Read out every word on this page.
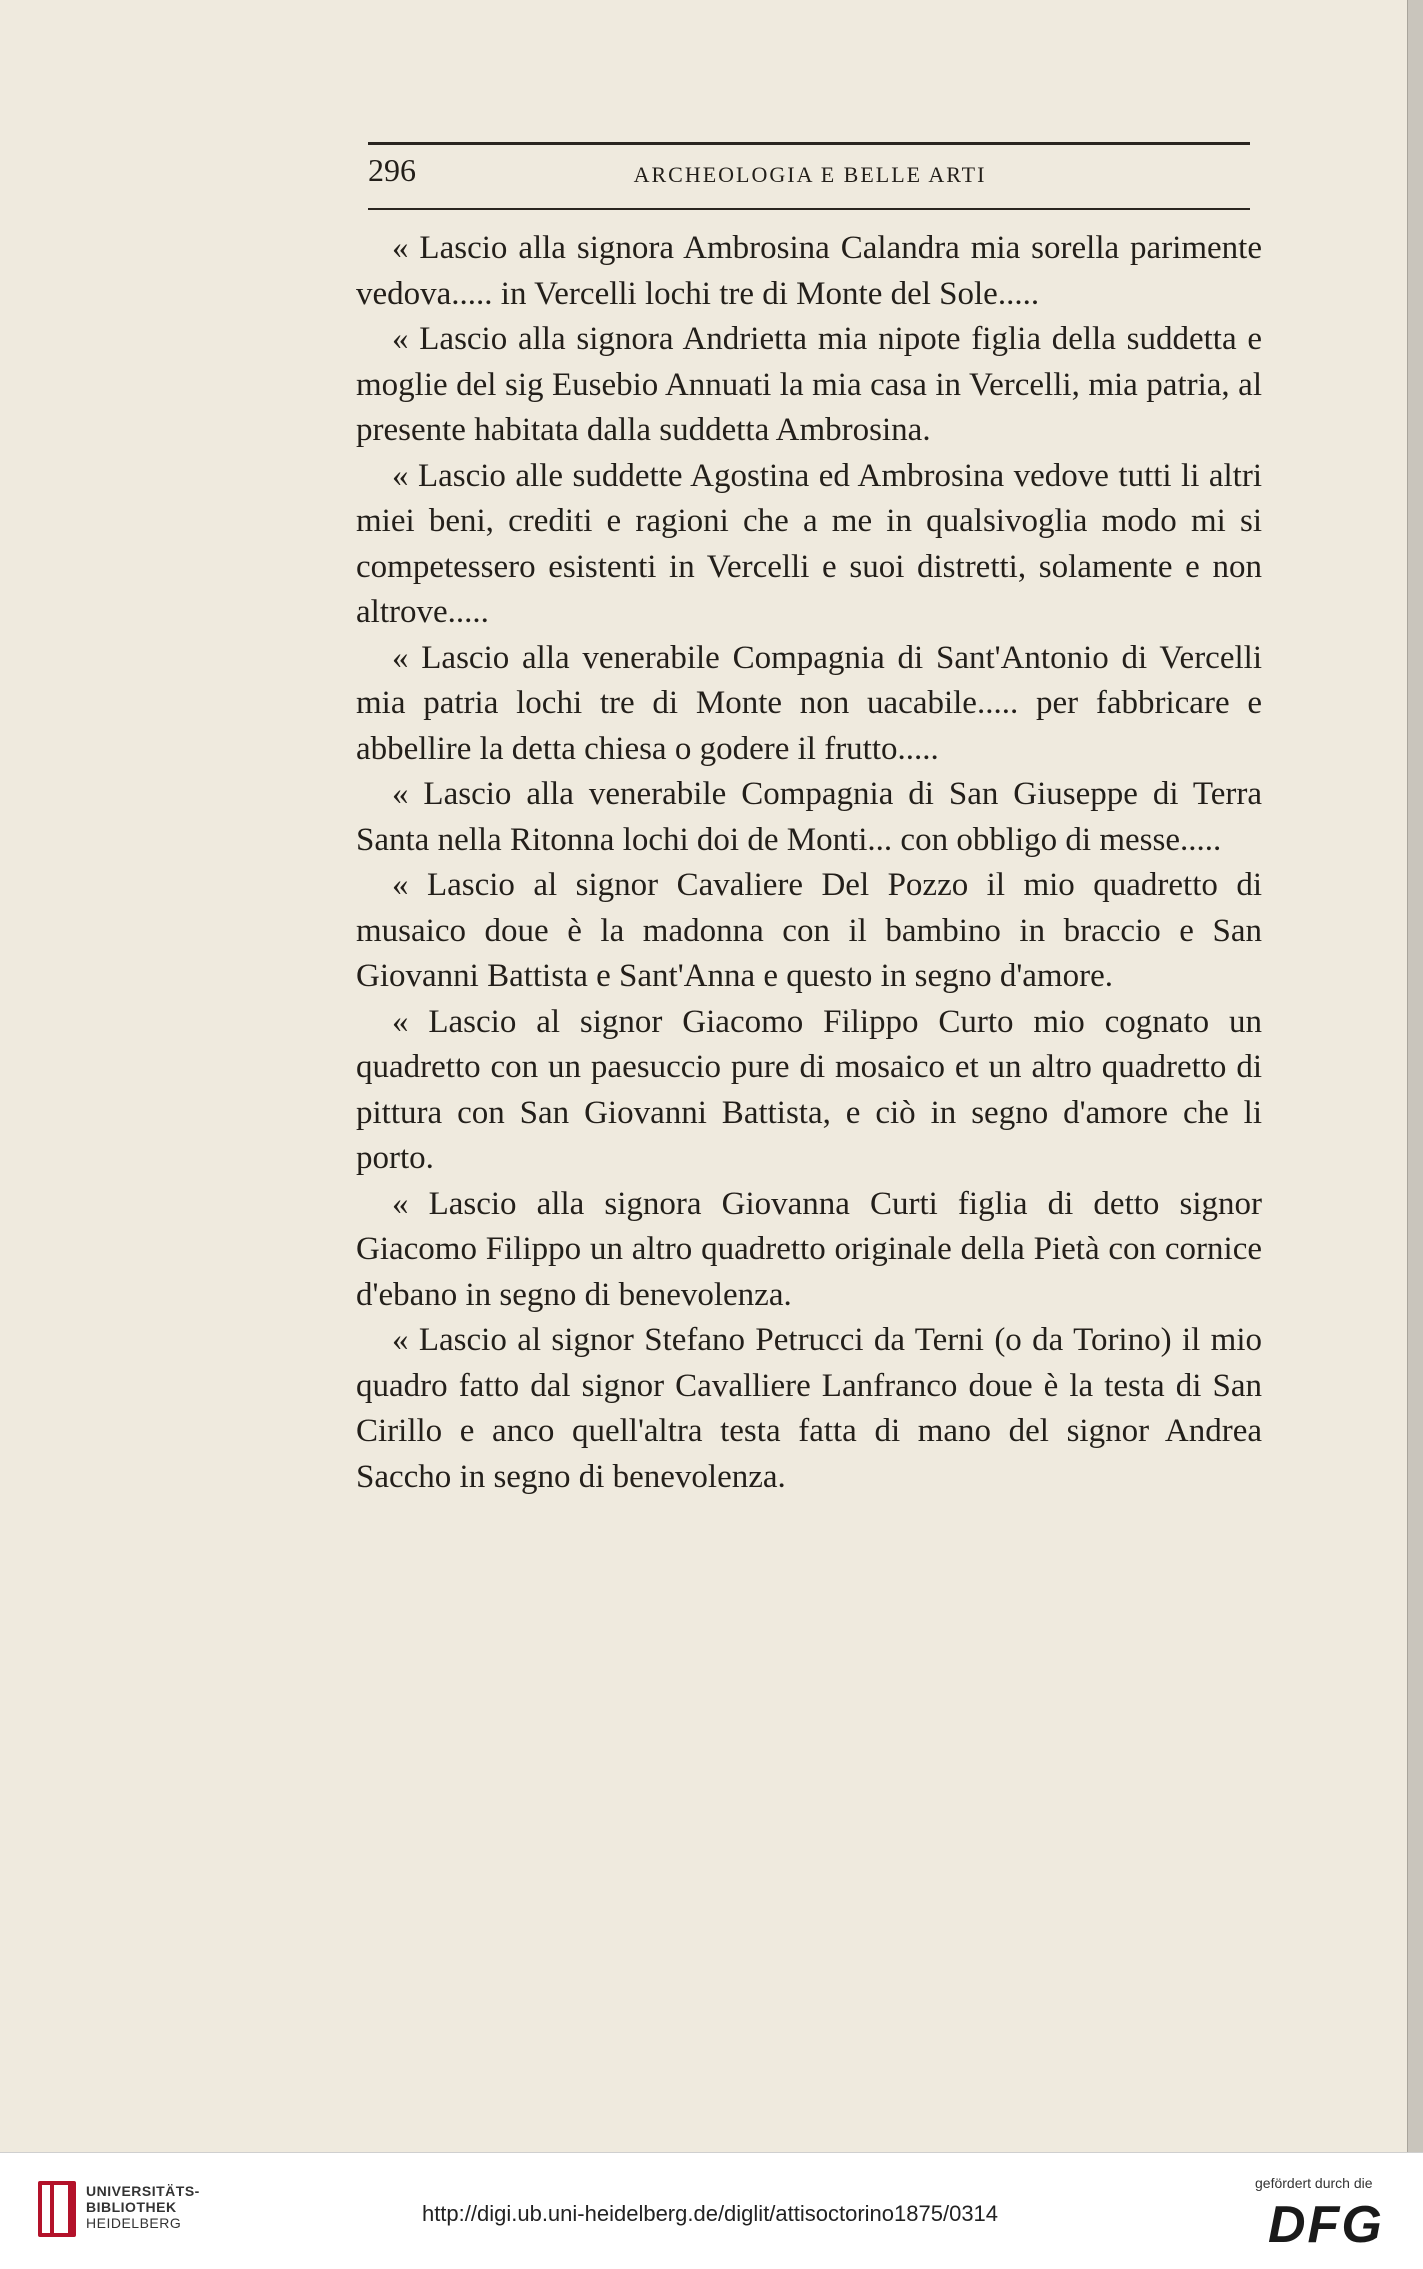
296	ARCHEOLOGIA E BELLE ARTI

« Lascio alla signora Ambrosina Calandra mia sorella parimente vedova..... in Vercelli lochi tre di Monte del Sole.....

« Lascio alla signora Andrietta mia nipote figlia della suddetta e moglie del sig Eusebio Annuati la mia casa in Vercelli, mia patria, al presente habitata dalla suddetta Ambrosina.

« Lascio alle suddette Agostina ed Ambrosina vedove tutti li altri miei beni, crediti e ragioni che a me in qualsivoglia modo mi si competessero esistenti in Vercelli e suoi distretti, solamente e non altrove.....

« Lascio alla venerabile Compagnia di Sant'Antonio di Vercelli mia patria lochi tre di Monte non uacabile..... per fabbricare e abbellire la detta chiesa o godere il frutto.....

« Lascio alla venerabile Compagnia di San Giuseppe di Terra Santa nella Ritonna lochi doi de Monti... con obbligo di messe.....

« Lascio al signor Cavaliere Del Pozzo il mio quadretto di musaico doue è la madonna con il bambino in braccio e San Giovanni Battista e Sant'Anna e questo in segno d'amore.

« Lascio al signor Giacomo Filippo Curto mio cognato un quadretto con un paesuccio pure di mosaico et un altro quadretto di pittura con San Giovanni Battista, e ciò in segno d'amore che li porto.

« Lascio alla signora Giovanna Curti figlia di detto signor Giacomo Filippo un altro quadretto originale della Pietà con cornice d'ebano in segno di benevolenza.

« Lascio al signor Stefano Petrucci da Terni (o da Torino) il mio quadro fatto dal signor Cavalliere Lanfranco doue è la testa di San Cirillo e anco quell'altra testa fatta di mano del signor Andrea Saccho in segno di benevolenza.

UNIVERSITÄTS-
BIBLIOTHEK
HEIDELBERG	http://digi.ub.uni-heidelberg.de/diglit/attisoctorino1875/0314
gefördert durch die
DFG
